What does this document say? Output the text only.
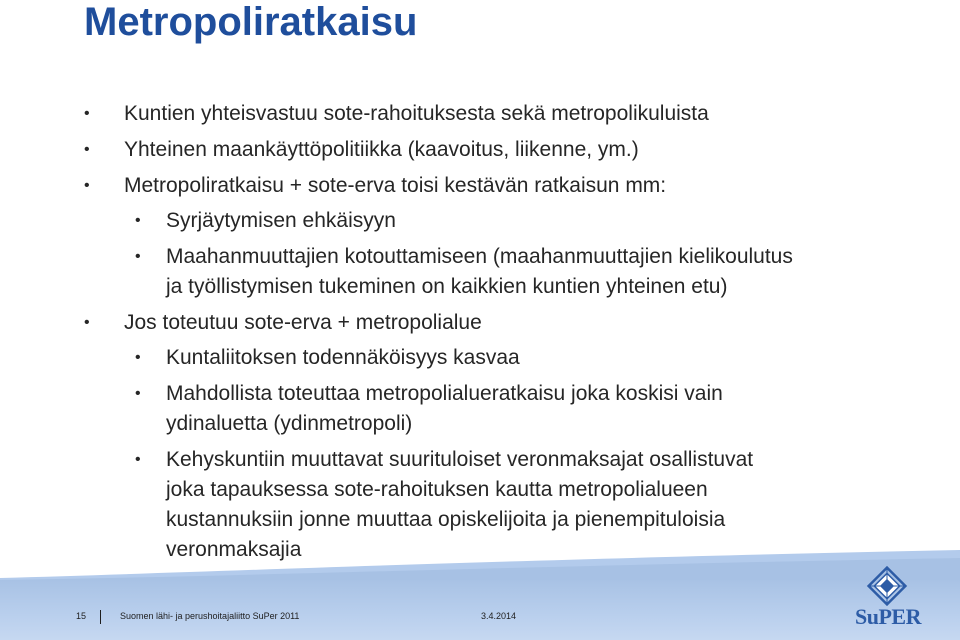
Metropoliratkaisu
• Kuntien yhteisvastuu sote-rahoituksesta sekä metropolikuluista
• Yhteinen maankäyttöpolitiikka (kaavoitus, liikenne, ym.)
• Metropoliratkaisu + sote-erva toisi kestävän ratkaisun mm:
• Syrjäytymisen ehkäisyyn
• Maahanmuuttajien kotouttamiseen (maahanmuuttajien kielikoulutus
ja työllistymisen tukeminen on kaikkien kuntien yhteinen etu)
• Jos toteutuu sote-erva + metropolialue
• Kuntaliitoksen todennäköisyys kasvaa
• Mahdollista toteuttaa metropolialueratkaisu joka koskisi vain
ydinaluetta (ydinmetropoli)
• Kehyskuntiin muuttavat suurituloiset veronmaksajat osallistuvat
joka tapauksessa sote-rahoituksen kautta metropolialueen
kustannuksiin jonne muuttaa opiskelijoita ja pienempituloisia
veronmaksajia
15	Suomen lähi- ja perushoitajaliitto SuPer 2011	3.4.2014	SuPER
